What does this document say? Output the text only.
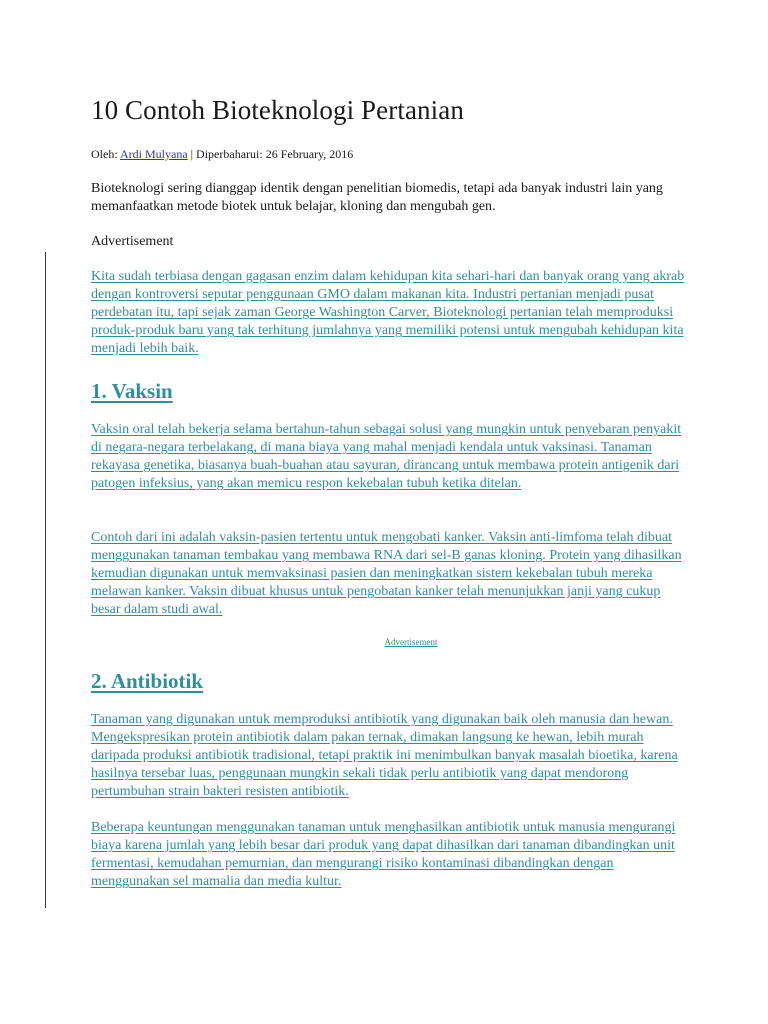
10 Contoh Bioteknologi Pertanian
Oleh: Ardi Mulyana | Diperbaharui: 26 February, 2016

Bioteknologi sering dianggap identik dengan penelitian biomedis, tetapi ada banyak industri lain yang memanfaatkan metode biotek untuk belajar, kloning dan mengubah gen.

Advertisement

Kita sudah terbiasa dengan gagasan enzim dalam kehidupan kita sehari-hari dan banyak orang yang akrab dengan kontroversi seputar penggunaan GMO dalam makanan kita. Industri pertanian menjadi pusat perdebatan itu, tapi sejak zaman George Washington Carver, Bioteknologi pertanian telah memproduksi produk-produk baru yang tak terhitung jumlahnya yang memiliki potensi untuk mengubah kehidupan kita menjadi lebih baik.

1. Vaksin

Vaksin oral telah bekerja selama bertahun-tahun sebagai solusi yang mungkin untuk penyebaran penyakit di negara-negara terbelakang, di mana biaya yang mahal menjadi kendala untuk vaksinasi. Tanaman rekayasa genetika, biasanya buah-buahan atau sayuran, dirancang untuk membawa protein antigenik dari patogen infeksius, yang akan memicu respon kekebalan tubuh ketika ditelan.

Contoh dari ini adalah vaksin-pasien tertentu untuk mengobati kanker. Vaksin anti-limfoma telah dibuat menggunakan tanaman tembakau yang membawa RNA dari sel-B ganas kloning. Protein yang dihasilkan kemudian digunakan untuk memvaksinasi pasien dan meningkatkan sistem kekebalan tubuh mereka melawan kanker. Vaksin dibuat khusus untuk pengobatan kanker telah menunjukkan janji yang cukup besar dalam studi awal.

Advertisement
2. Antibiotik

Tanaman yang digunakan untuk memproduksi antibiotik yang digunakan baik oleh manusia dan hewan. Mengekspresikan protein antibiotik dalam pakan ternak, dimakan langsung ke hewan, lebih murah daripada produksi antibiotik tradisional, tetapi praktik ini menimbulkan banyak masalah bioetika, karena hasilnya tersebar luas, penggunaan mungkin sekali tidak perlu antibiotik yang dapat mendorong pertumbuhan strain bakteri resisten antibiotik.

Beberapa keuntungan menggunakan tanaman untuk menghasilkan antibiotik untuk manusia mengurangi biaya karena jumlah yang lebih besar dari produk yang dapat dihasilkan dari tanaman dibandingkan unit fermentasi, kemudahan pemurnian, dan mengurangi risiko kontaminasi dibandingkan dengan menggunakan sel mamalia dan media kultur.
